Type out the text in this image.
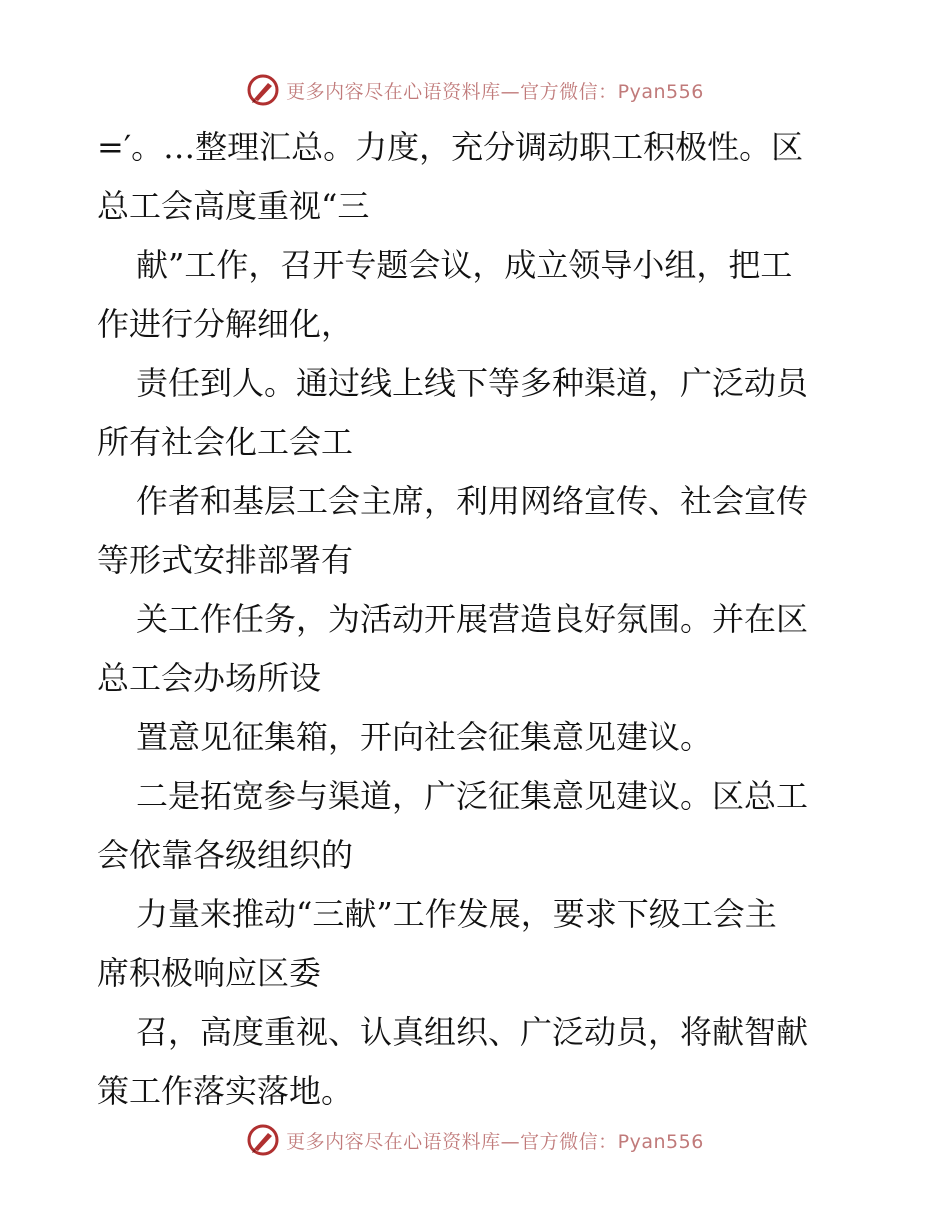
更多内容尽在心语资料库—官方微信：Pyan556
=′。…整理汇总。力度，充分调动职工积极性。区
总工会高度重视“三
献”工作，召开专题会议，成立领导小组，把工
作进行分解细化，
责任到人。通过线上线下等多种渠道，广泛动员
所有社会化工会工
作者和基层工会主席，利用网络宣传、社会宣传
等形式安排部署有
关工作任务，为活动开展营造良好氛围。并在区
总工会办场所设
置意见征集箱，开向社会征集意见建议。
二是拓宽参与渠道，广泛征集意见建议。区总工
会依靠各级组织的
力量来推动“三献”工作发展，要求下级工会主
席积极响应区委
召，高度重视、认真组织、广泛动员，将献智献
策工作落实落地。
更多内容尽在心语资料库—官方微信：Pyan556
